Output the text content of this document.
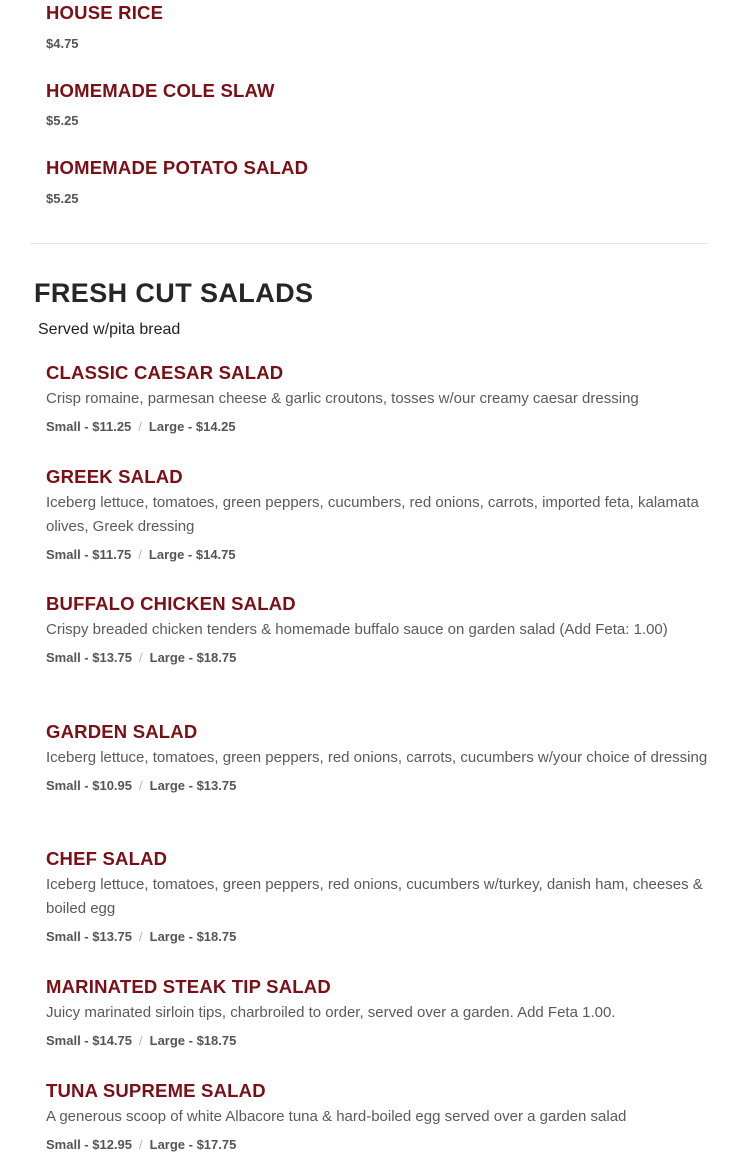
HOUSE RICE
$4.75
HOMEMADE COLE SLAW
$5.25
HOMEMADE POTATO SALAD
$5.25
FRESH CUT SALADS
Served w/pita bread
CLASSIC CAESAR SALAD
Crisp romaine, parmesan cheese & garlic croutons, tosses w/our creamy caesar dressing
Small - $11.25 / Large - $14.25
GREEK SALAD
Iceberg lettuce, tomatoes, green peppers, cucumbers, red onions, carrots, imported feta, kalamata olives, Greek dressing
Small - $11.75 / Large - $14.75
BUFFALO CHICKEN SALAD
Crispy breaded chicken tenders & homemade buffalo sauce on garden salad (Add Feta: 1.00)
Small - $13.75 / Large - $18.75
GARDEN SALAD
Iceberg lettuce, tomatoes, green peppers, red onions, carrots, cucumbers w/your choice of dressing
Small - $10.95 / Large - $13.75
CHEF SALAD
Iceberg lettuce, tomatoes, green peppers, red onions, cucumbers w/turkey, danish ham, cheeses & boiled egg
Small - $13.75 / Large - $18.75
MARINATED STEAK TIP SALAD
Juicy marinated sirloin tips, charbroiled to order, served over a garden. Add Feta 1.00.
Small - $14.75 / Large - $18.75
TUNA SUPREME SALAD
A generous scoop of white Albacore tuna & hard-boiled egg served over a garden salad
Small - $12.95 / Large - $17.75
